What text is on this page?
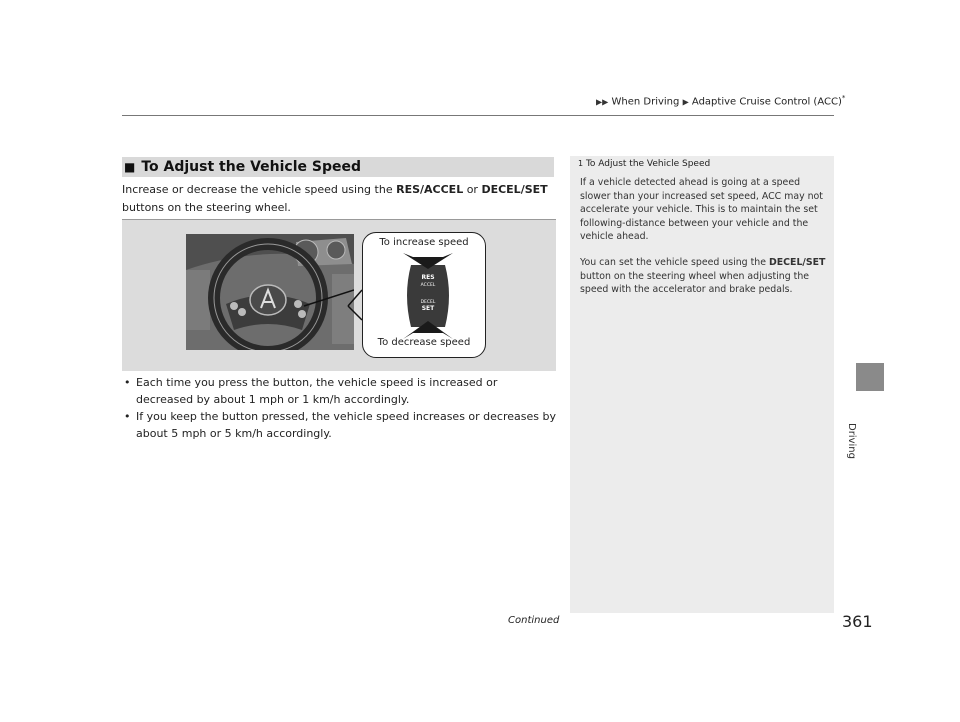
▶▶ When Driving ▶ Adaptive Cruise Control (ACC)*
■ To Adjust the Vehicle Speed
Increase or decrease the vehicle speed using the RES/ACCEL or DECEL/SET buttons on the steering wheel.
To increase speed
RES
ACCEL
DECEL
SET
To decrease speed
• Each time you press the button, the vehicle speed is increased or decreased by about 1 mph or 1 km/h accordingly.
• If you keep the button pressed, the vehicle speed increases or decreases by about 5 mph or 5 km/h accordingly.
Continued
1 To Adjust the Vehicle Speed
If a vehicle detected ahead is going at a speed slower than your increased set speed, ACC may not accelerate your vehicle. This is to maintain the set following-distance between your vehicle and the vehicle ahead.
You can set the vehicle speed using the DECEL/SET button on the steering wheel when adjusting the speed with the accelerator and brake pedals.
Driving
361
